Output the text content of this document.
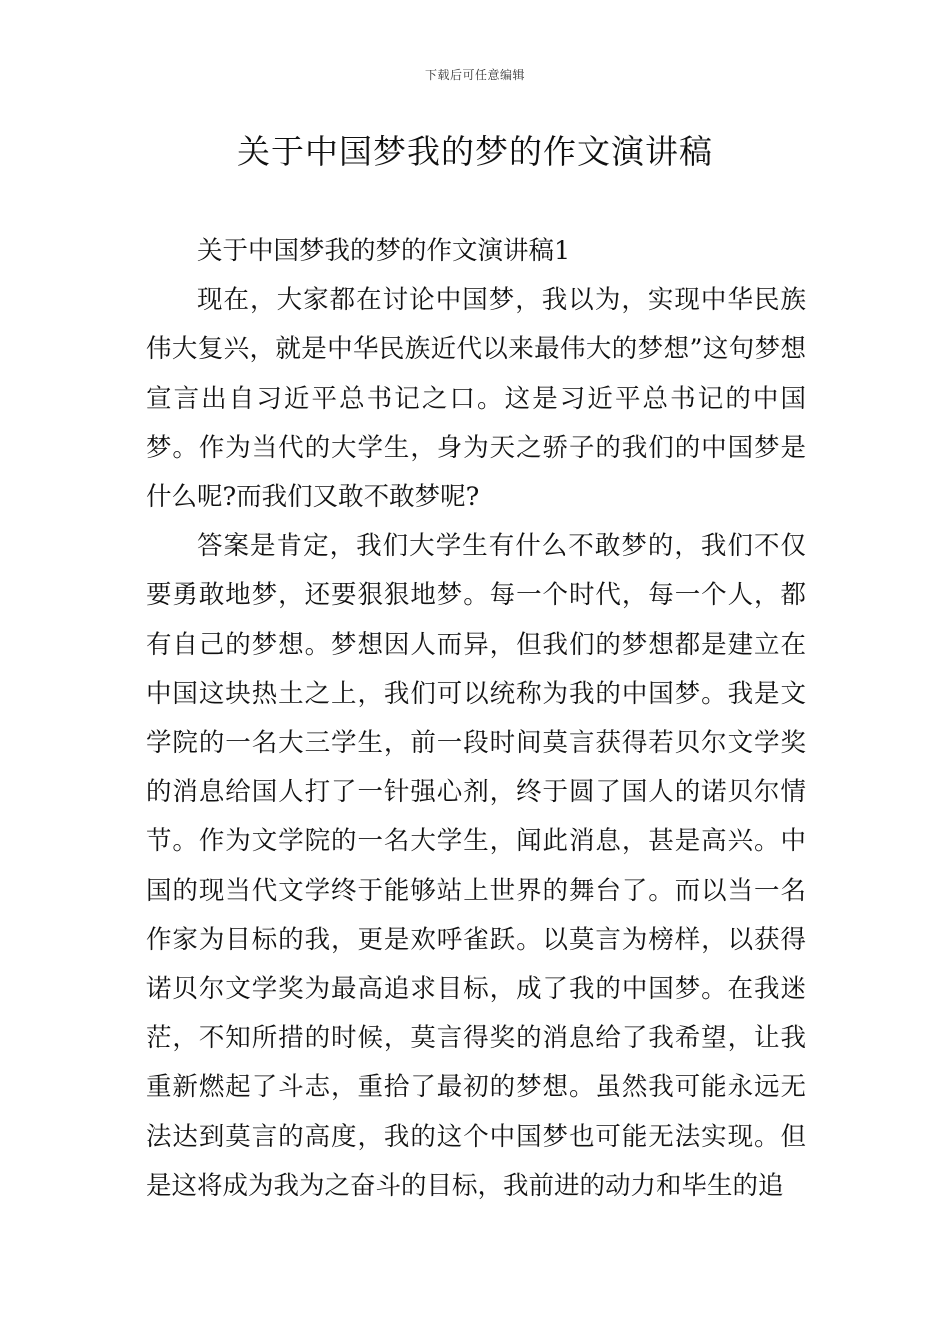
下载后可任意编辑
关于中国梦我的梦的作文演讲稿

关于中国梦我的梦的作文演讲稿1

现在，大家都在讨论中国梦，我以为，实现中华民族伟大复兴，就是中华民族近代以来最伟大的梦想”这句梦想宣言出自习近平总书记之口。这是习近平总书记的中国梦。作为当代的大学生，身为天之骄子的我们的中国梦是什么呢?而我们又敢不敢梦呢?

答案是肯定，我们大学生有什么不敢梦的，我们不仅要勇敢地梦，还要狠狠地梦。每一个时代，每一个人，都有自己的梦想。梦想因人而异，但我们的梦想都是建立在中国这块热土之上，我们可以统称为我的中国梦。我是文学院的一名大三学生，前一段时间莫言获得若贝尔文学奖的消息给国人打了一针强心剂，终于圆了国人的诺贝尔情节。作为文学院的一名大学生，闻此消息，甚是高兴。中国的现当代文学终于能够站上世界的舞台了。而以当一名作家为目标的我，更是欢呼雀跃。以莫言为榜样，以获得诺贝尔文学奖为最高追求目标，成了我的中国梦。在我迷茫，不知所措的时候，莫言得奖的消息给了我希望，让我重新燃起了斗志，重拾了最初的梦想。虽然我可能永远无法达到莫言的高度，我的这个中国梦也可能无法实现。但是这将成为我为之奋斗的目标，我前进的动力和毕生的追
